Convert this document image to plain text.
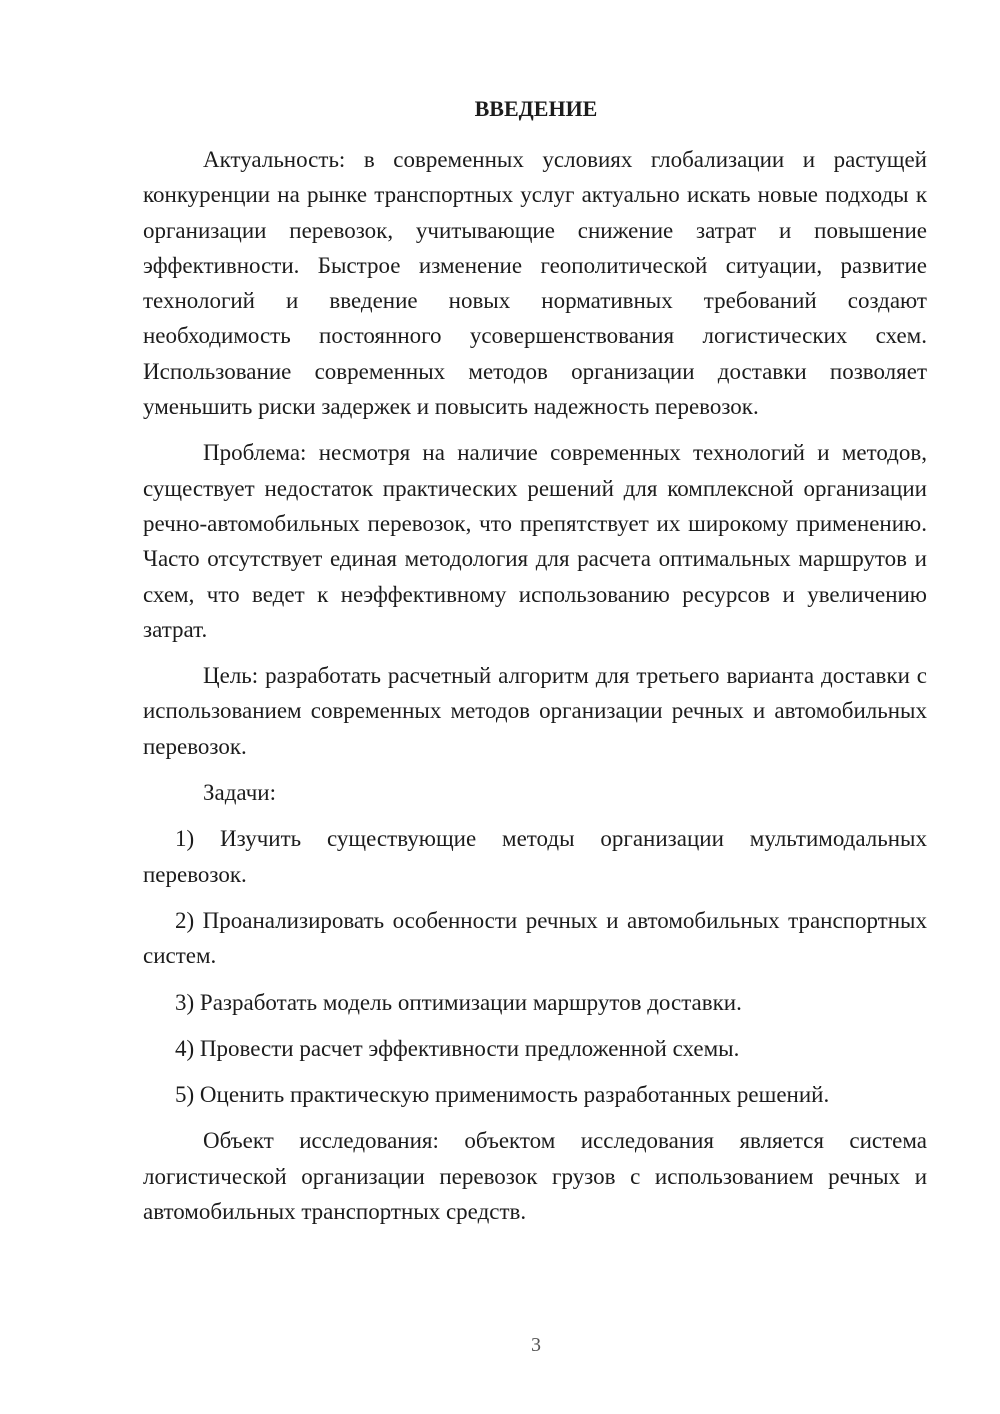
ВВЕДЕНИЕ

Актуальность: в современных условиях глобализации и растущей конкуренции на рынке транспортных услуг актуально искать новые подходы к организации перевозок, учитывающие снижение затрат и повышение эффективности. Быстрое изменение геополитической ситуации, развитие технологий и введение новых нормативных требований создают необходимость постоянного усовершенствования логистических схем. Использование современных методов организации доставки позволяет уменьшить риски задержек и повысить надежность перевозок.

Проблема: несмотря на наличие современных технологий и методов, существует недостаток практических решений для комплексной организации речно-автомобильных перевозок, что препятствует их широкому применению. Часто отсутствует единая методология для расчета оптимальных маршрутов и схем, что ведет к неэффективному использованию ресурсов и увеличению затрат.

Цель: разработать расчетный алгоритм для третьего варианта доставки с использованием современных методов организации речных и автомобильных перевозок.

Задачи:

1) Изучить существующие методы организации мультимодальных перевозок.

2) Проанализировать особенности речных и автомобильных транспортных систем.

3) Разработать модель оптимизации маршрутов доставки.

4) Провести расчет эффективности предложенной схемы.

5) Оценить практическую применимость разработанных решений.

Объект исследования: объектом исследования является система логистической организации перевозок грузов с использованием речных и автомобильных транспортных средств.

3
